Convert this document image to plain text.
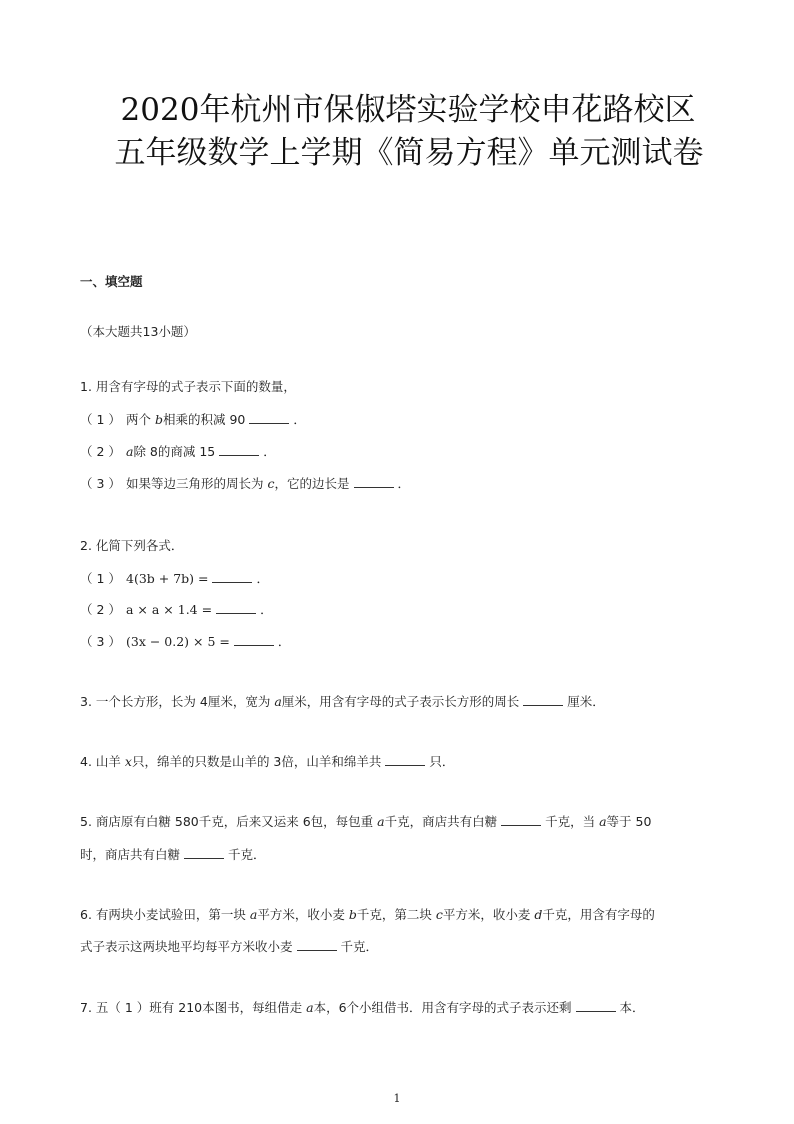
2020年杭州市保俶塔实验学校申花路校区
五年级数学上学期《简易方程》单元测试卷
一、填空题
（本大题共13小题）
1. 用含有字母的式子表示下面的数量，
（ 1 ） 两个 b相乘的积减 90	．
（ 2 ） a除 8的商减 15	．
（ 3 ） 如果等边三角形的周长为 c，它的边长是	．
2. 化简下列各式．
（ 1 ） 4(3b + 7b) =	．
（ 2 ） a × a × 1.4 =	．
（ 3 ） (3x − 0.2) × 5 =	．
3. 一个长方形，长为 4厘米，宽为 a厘米，用含有字母的式子表示长方形的周长	厘米．
4. 山羊 x只，绵羊的只数是山羊的 3倍，山羊和绵羊共	只．
5. 商店原有白糖 580千克，后来又运来 6包，每包重 a千克，商店共有白糖	千克，当 a等于 50
时，商店共有白糖	千克．
6. 有两块小麦试验田，第一块 a平方米，收小麦 b千克，第二块 c平方米，收小麦 d千克，用含有字母的
式子表示这两块地平均每平方米收小麦	千克．
7. 五（ 1 ）班有 210本图书，每组借走 a本，6个小组借书．用含有字母的式子表示还剩	本．
1
